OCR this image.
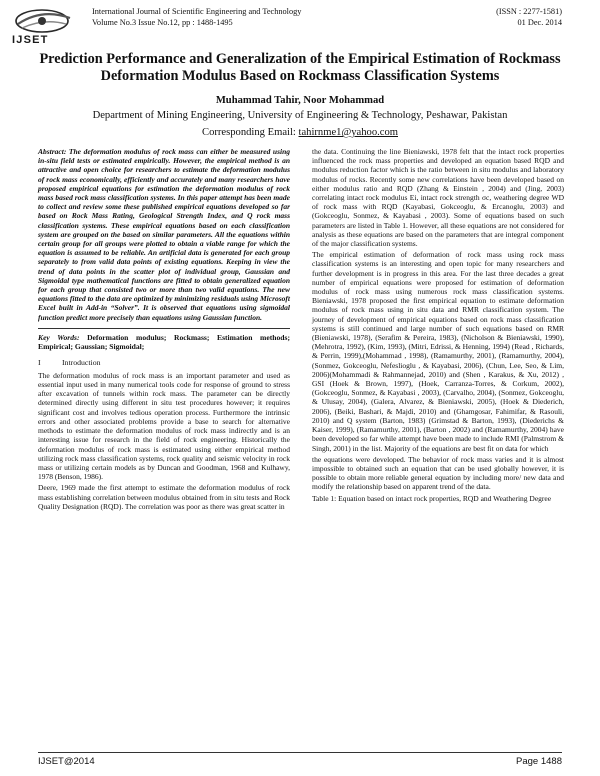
IJSET
International Journal of Scientific Engineering and Technology
Volume No.3 Issue No.12, pp : 1488-1495
(ISSN : 2277-1581)
01 Dec. 2014
Prediction Performance and Generalization of the Empirical Estimation of Rockmass Deformation Modulus Based on Rockmass Classification Systems
Muhammad Tahir, Noor Mohammad
Department of Mining Engineering, University of Engineering & Technology, Peshawar, Pakistan
Corresponding Email: tahirnme1@yahoo.com

Abstract: The deformation modulus of rock mass can either be measured using in-situ field tests or estimated empirically. However, the empirical method is an attractive and open choice for researchers to estimate the deformation modulus of rock mass economically, efficiently and accurately and many researchers have proposed empirical equations for estimation the deformation modulus of rock mass based rock mass classification systems. In this paper attempt has been made to collect and review some these published empirical equations developed so far based on Rock Mass Rating, Geological Strength Index, and Q rock mass classification systems. These empirical equations based on each classification system are grouped on the based on similar parameters. All the equations within certain group for all groups were plotted to obtain a viable range for which the equation is assumed to be reliable. An artificial data is generated for each group separately to from valid data points of existing equations. Keeping in view the trend of data points in the scatter plot of individual group, Gaussian and Sigmoidal type mathematical functions are fitted to obtain generalized equation for each group that consisted two or more than two valid equations. The new equations fitted to the data are optimized by minimizing residuals using Microsoft Excel built in Add-in “Solver”. It is observed that equations using sigmoidal function predict more precisely than equations using Gaussian function.

Key Words: Deformation modulus; Rockmass; Estimation methods; Empirical; Gaussian; Sigmoidal;

I	Introduction

The deformation modulus of rock mass is an important parameter and used as essential input used in many numerical tools code for response of ground to stress after excavation of tunnels within rock mass. The parameter can be directly determined directly using different in situ test procedures however; it requires significant cost and involves tedious operation process. Furthermore the intrinsic errors and other associated problems provide a base to search for alternative methods to estimate the deformation modulus of rock mass indirectly and is an interesting issue for research in the field of rock engineering. Historically the deformation modulus of rock mass is estimated using either empirical method utilizing rock mass classification systems, rock quality and seismic velocity in rock mass or utilizing certain models as by Duncan and Goodman, 1968 and Kulhawy, 1978 (Benson, 1986).

Deere, 1969 made the first attempt to estimate the deformation modulus of rock mass establishing correlation between modulus obtained from in situ tests and Rock Quality Designation (RQD). The correlation was poor as there was great scatter in

the data. Continuing the line Bieniawski, 1978 felt that the intact rock properties influenced the rock mass properties and developed an equation based RQD and modulus reduction factor which is the ratio between in situ modulus and laboratory modulus of rocks. Recently some new correlations have been developed based on either modulus ratio and RQD (Zhang & Einstein , 2004) and (Jing, 2003) correlating intact rock modulus Ei, intact rock strength σc, weathering degree WD of rock mass with RQD (Kayabasi, Gokceoglu, & Ercanoglu, 2003) and (Gokceoglu, Sonmez, & Kayabasi , 2003). Some of equations based on such parameters are listed in Table 1. However, all these equations are not considered for analysis as these equations are based on the parameters that are integral component of the major classification systems.

The empirical estimation of deformation of rock mass using rock mass classification systems is an interesting and open topic for many researchers and further development is in progress in this area. For the last three decades a great number of empirical equations were proposed for estimation of deformation modulus of rock mass using numerous rock mass classification systems. Bieniawski, 1978 proposed the first empirical equation to estimate deformation modulus of rock mass using in situ data and RMR classification system. The journey of development of empirical equations based on rock mass classification systems is still continued and large number of such equations based on RMR (Bieniawski, 1978), (Serafim & Pereira, 1983), (Nicholson & Bieniawski, 1990), (Mehrotra, 1992), (Kim, 1993), (Mitri, Edrissi, & Henning, 1994) (Read , Richards, & Perrin, 1999),(Mohammad , 1998), (Ramamurthy, 2001), (Ramamurthy, 2004), (Sonmez, Gokceoglu, Nefeslioglu , & Kayabasi, 2006), (Chun, Lee, Seo, & Lim, 2006)(Mohammadi & Rahmannejad, 2010) and (Shen , Karakus, & Xu, 2012) , GSI (Hoek & Brown, 1997), (Hoek, Carranza-Torres, & Corkum, 2002), (Gokceoglu, Sonmez, & Kayabasi , 2003), (Carvalho, 2004), (Sonmez, Gokceoglu, & Ulusay, 2004), (Galera, Alvarez, & Bieniawski, 2005), (Hoek & Diederich, 2006), (Beiki, Bashari, & Majdi, 2010) and (Ghamgosar, Fahimifar, & Rasouli, 2010) and Q system (Barton, 1983) (Grimstad & Barton, 1993), (Diederichs & Kaiser, 1999), (Ramamurthy, 2001), (Barton , 2002) and (Ramamurthy, 2004) have been developed so far while attempt have been made to include RMI (Palmstrom & Singh, 2001) in the list. Majority of the equations are best fit on data for which

the equations were developed. The behavior of rock mass varies and it is almost impossible to obtained such an equation that can be used globally however, it is possible to obtain more reliable general equation by including more/ new data and modify the relationship based on apparent trend of the data.

Table 1: Equation based on intact rock properties, RQD and Weathering Degree

IJSET@2014	Page 1488
